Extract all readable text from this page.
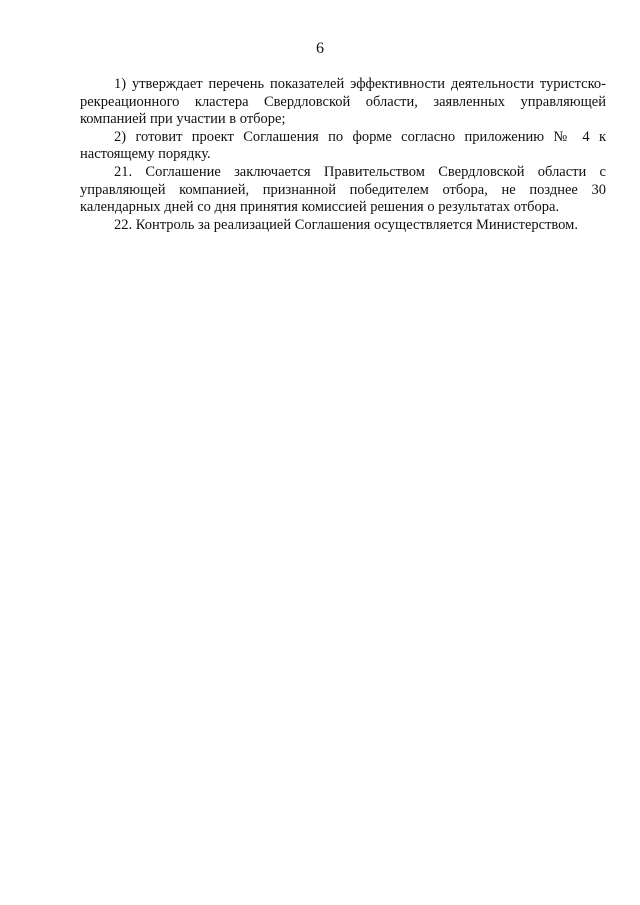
6

1) утверждает перечень показателей эффективности деятельности туристско-рекреационного кластера Свердловской области, заявленных управляющей компанией при участии в отборе;

2) готовит проект Соглашения по форме согласно приложению № 4 к настоящему порядку.

21. Соглашение заключается Правительством Свердловской области с управляющей компанией, признанной победителем отбора, не позднее 30 календарных дней со дня принятия комиссией решения о результатах отбора.

22. Контроль за реализацией Соглашения осуществляется Министерством.
